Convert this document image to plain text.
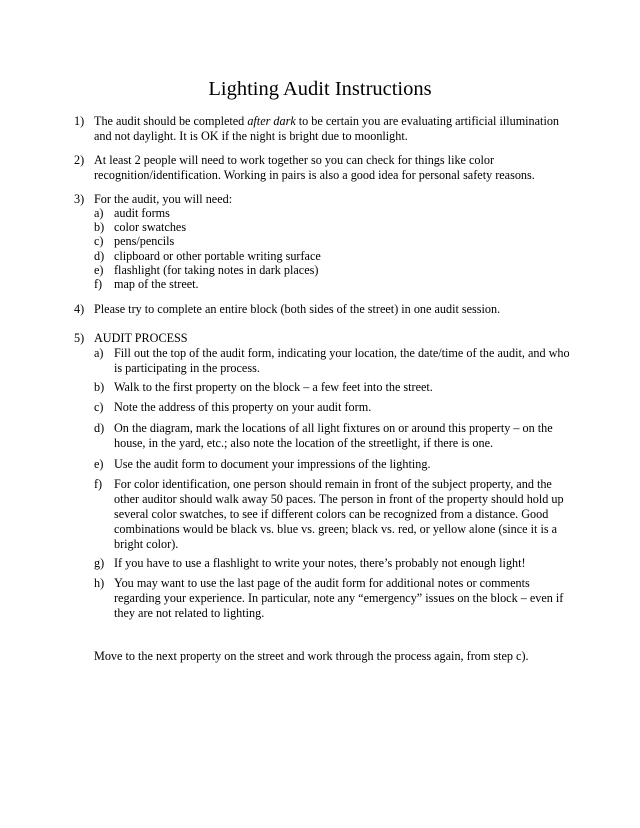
Lighting Audit Instructions
1) The audit should be completed after dark to be certain you are evaluating artificial illumination and not daylight. It is OK if the night is bright due to moonlight.
2) At least 2 people will need to work together so you can check for things like color recognition/identification. Working in pairs is also a good idea for personal safety reasons.
3) For the audit, you will need:
a) audit forms
b) color swatches
c) pens/pencils
d) clipboard or other portable writing surface
e) flashlight (for taking notes in dark places)
f) map of the street.
4) Please try to complete an entire block (both sides of the street) in one audit session.
5) AUDIT PROCESS
a) Fill out the top of the audit form, indicating your location, the date/time of the audit, and who is participating in the process.
b) Walk to the first property on the block – a few feet into the street.
c) Note the address of this property on your audit form.
d) On the diagram, mark the locations of all light fixtures on or around this property – on the house, in the yard, etc.; also note the location of the streetlight, if there is one.
e) Use the audit form to document your impressions of the lighting.
f) For color identification, one person should remain in front of the subject property, and the other auditor should walk away 50 paces. The person in front of the property should hold up several color swatches, to see if different colors can be recognized from a distance. Good combinations would be black vs. blue vs. green; black vs. red, or yellow alone (since it is a bright color).
g) If you have to use a flashlight to write your notes, there’s probably not enough light!
h) You may want to use the last page of the audit form for additional notes or comments regarding your experience. In particular, note any “emergency” issues on the block – even if they are not related to lighting.
Move to the next property on the street and work through the process again, from step c).
